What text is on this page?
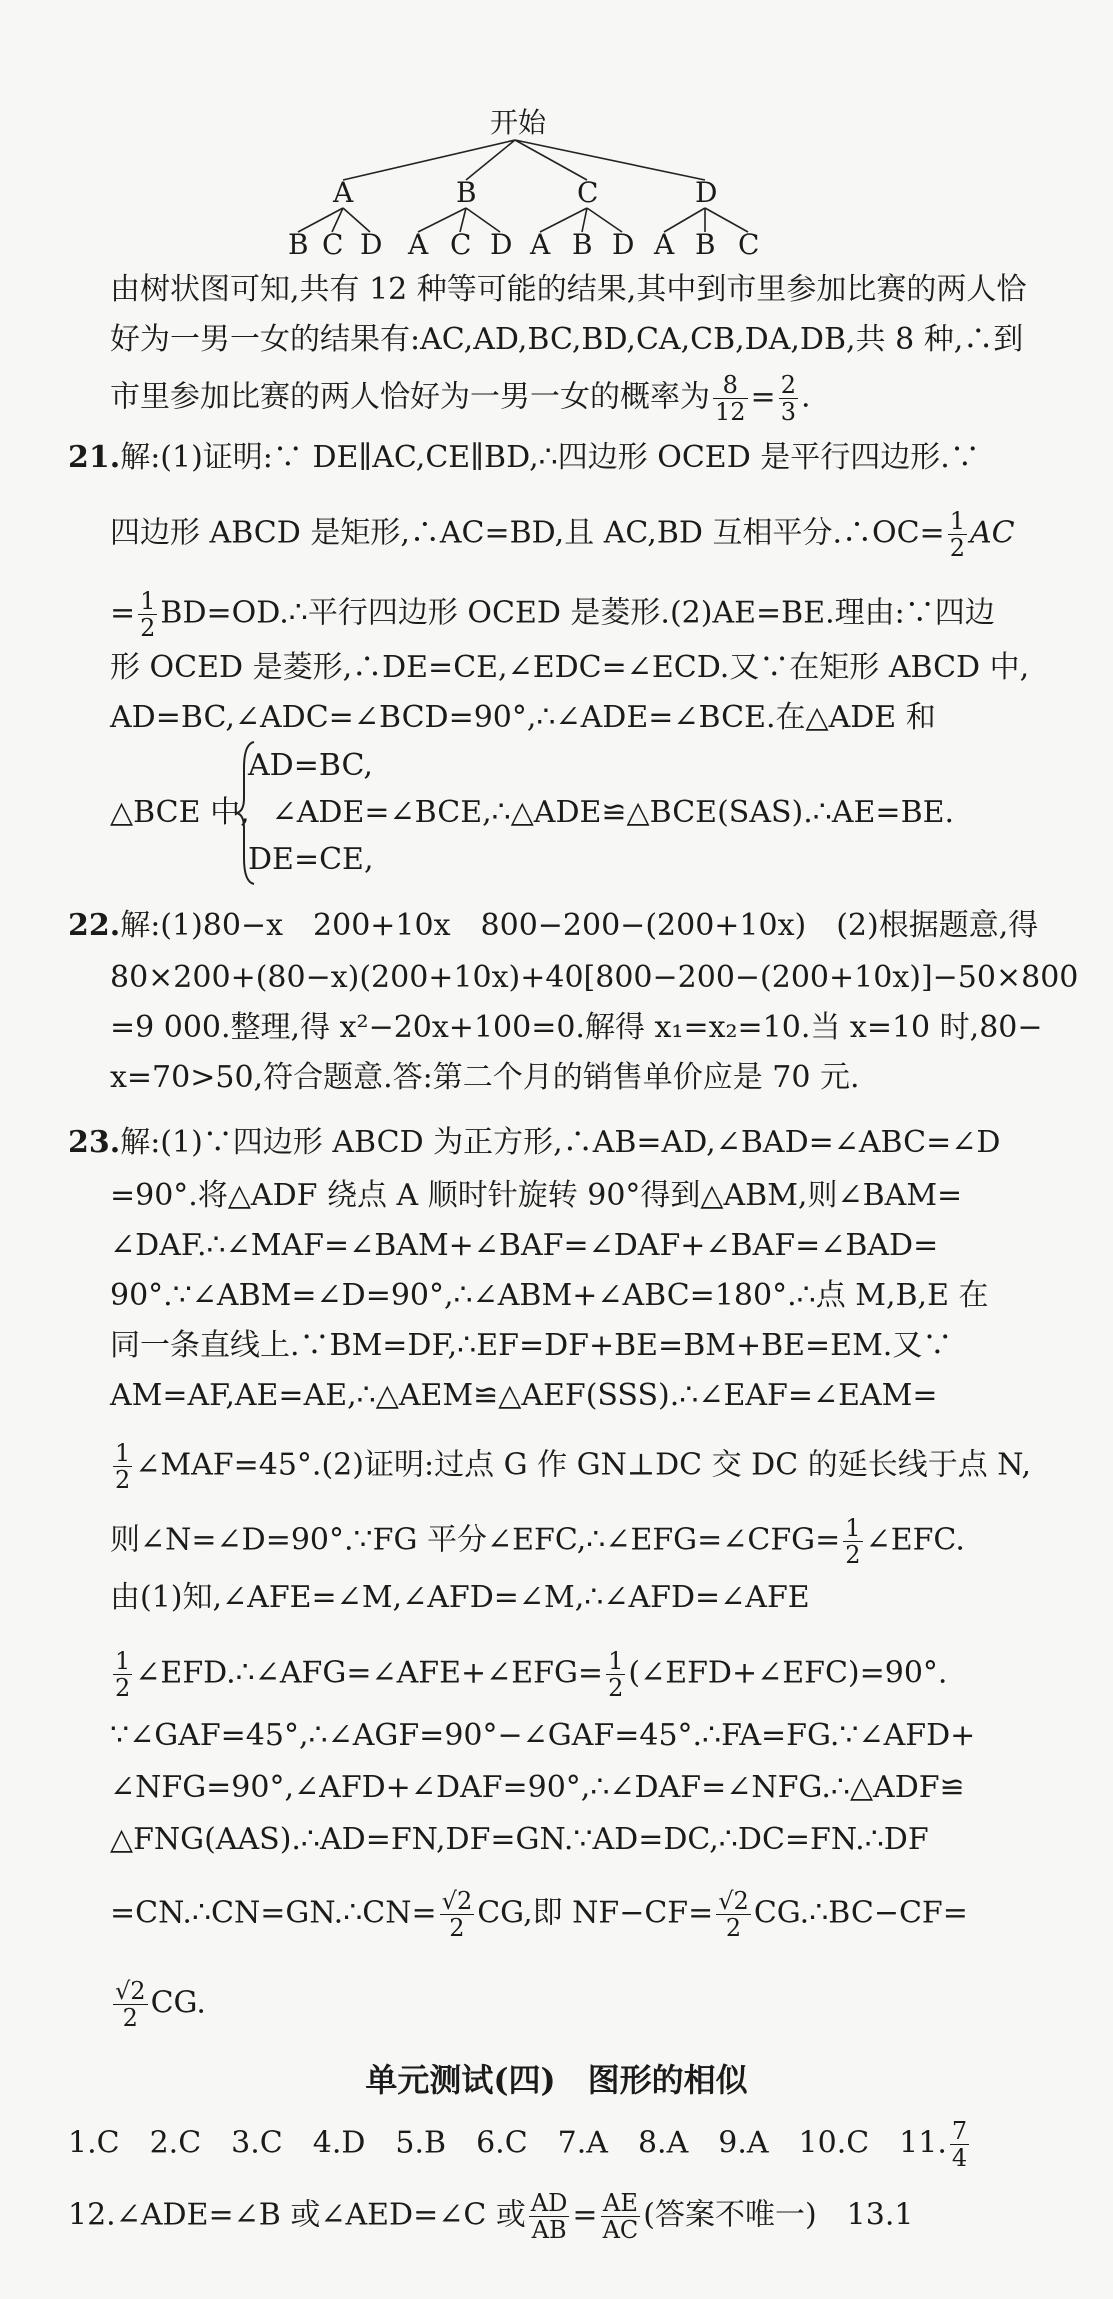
开始
A	B	C	D
B C D A C D A B D A B C
由树状图可知,共有 12 种等可能的结果,其中到市里参加比赛的两人恰
好为一男一女的结果有:AC,AD,BC,BD,CA,CB,DA,DB,共 8 种,∴到
市里参加比赛的两人恰好为一男一女的概率为 $\frac{8}{12} = \frac{2}{3}$ .
21.解:(1)证明:∵ DE∥AC,CE∥BD,∴四边形 OCED 是平行四边形.∵
四边形 ABCD 是矩形,∴AC=BD,且 AC,BD 互相平分.∴OC= $\frac{1}{2}$ AC
= $\frac{1}{2}$ BD=OD.∴平行四边形 OCED 是菱形.(2)AE=BE.理由:∵四边
形 OCED 是菱形,∴DE=CE,∠EDC=∠ECD.又∵在矩形 ABCD 中,
AD=BC,∠ADC=∠BCD=90°,∴∠ADE=∠BCE.在△ADE 和
AD=BC,
△BCE 中, ∠ADE=∠BCE,∴△ADE≌△BCE(SAS).∴AE=BE.
DE=CE,
22.解:(1)80−x　200+10x　800−200−(200+10x)　(2)根据题意,得
80×200+(80−x)(200+10x)+40[800−200−(200+10x)]−50×800
=9 000.整理,得 x²−20x+100=0.解得 x₁=x₂=10.当 x=10 时,80−
x=70>50,符合题意.答:第二个月的销售单价应是 70 元.
23.解:(1)∵四边形 ABCD 为正方形,∴AB=AD,∠BAD=∠ABC=∠D
=90°.将△ADF 绕点 A 顺时针旋转 90°得到△ABM,则∠BAM=
∠DAF.∴∠MAF=∠BAM+∠BAF=∠DAF+∠BAF=∠BAD=
90°.∵∠ABM=∠D=90°,∴∠ABM+∠ABC=180°.∴点 M,B,E 在
同一条直线上.∵BM=DF,∴EF=DF+BE=BM+BE=EM.又∵
AM=AF,AE=AE,∴△AEM≌△AEF(SSS).∴∠EAF=∠EAM=
$\frac{1}{2}$ ∠MAF=45°.(2)证明:过点 G 作 GN⊥DC 交 DC 的延长线于点 N,
则∠N=∠D=90°.∵FG 平分∠EFC,∴∠EFG=∠CFG= $\frac{1}{2}$ ∠EFC.
由(1)知,∠AFE=∠M,∠AFD=∠M,∴∠AFD=∠AFE
$\frac{1}{2}$ ∠EFD.∴∠AFG=∠AFE+∠EFG= $\frac{1}{2}$ (∠EFD+∠EFC)=90°.
∵∠GAF=45°,∴∠AGF=90°−∠GAF=45°.∴FA=FG.∵∠AFD+
∠NFG=90°,∠AFD+∠DAF=90°,∴∠DAF=∠NFG.∴△ADF≌
△FNG(AAS).∴AD=FN,DF=GN.∵AD=DC,∴DC=FN.∴DF
=CN.∴CN=GN.∴CN= $\frac{√2}{2}$ CG,即 $NF-CF= \frac{√2}{2}$ CG.∴BC−CF=
$\frac{√2}{2}$ CG.
单元测试(四)　图形的相似
1.C　2.C　3.C　4.D　5.B　6.C　7.A　8.A　9.A　10.C　11. $\frac{7}{4}$
12.∠ADE=∠B 或∠AED=∠C 或 $\frac{AD}{AB} = \frac{AE}{AC}$ (答案不唯一)　13.1
